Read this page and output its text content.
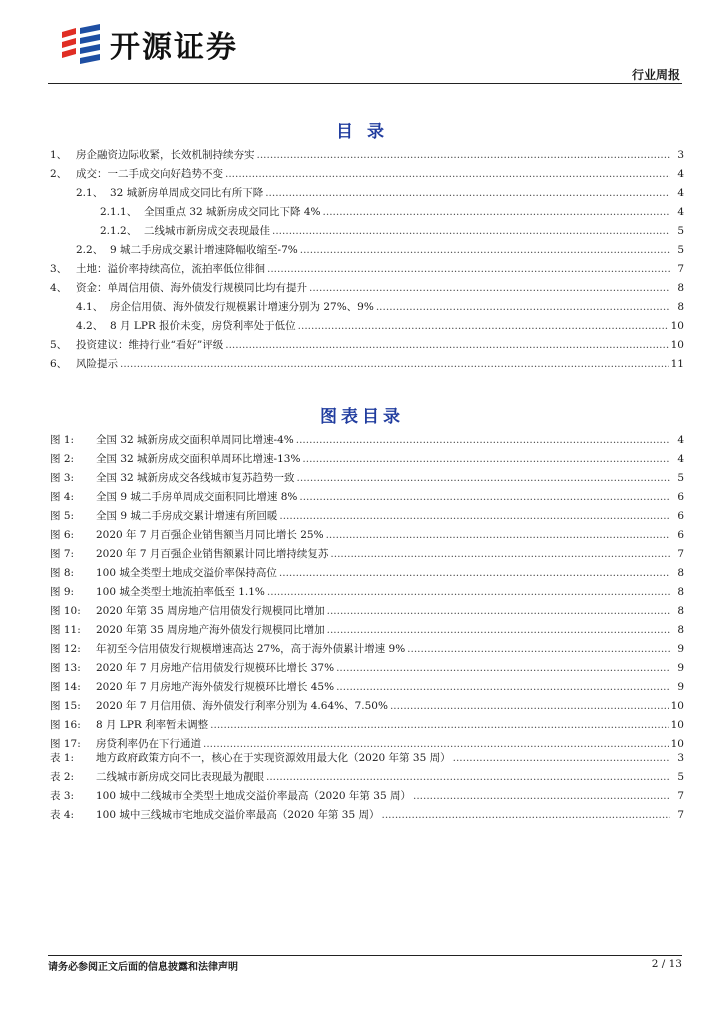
开源证券
行业周报
目 录
1、 房企融资边际收紧，长效机制持续夯实 .....	3
2、 成交：一二手成交向好趋势不变 .....	4
2.1、 32 城新房单周成交同比有所下降 .....	4
2.1.1、 全国重点 32 城新房成交同比下降 4% .....	4
2.1.2、 二线城市新房成交表现最佳 .....	5
2.2、 9 城二手房成交累计增速降幅收缩至-7% .....	5
3、 土地：溢价率持续高位，流拍率低位徘徊 .....	7
4、 资金：单周信用债、海外债发行规模同比均有提升 .....	8
4.1、 房企信用债、海外债发行规模累计增速分别为 27%、9% .....	8
4.2、 8 月 LPR 报价未变，房贷利率处于低位 .....	10
5、 投资建议：维持行业“看好”评级 .....	10
6、 风险提示 .....	11
图表目录
图 1:	全国 32 城新房成交面积单周同比增速-4% .....	4
图 2:	全国 32 城新房成交面积单周环比增速-13% .....	4
图 3:	全国 32 城新房成交各线城市复苏趋势一致 .....	5
图 4:	全国 9 城二手房单周成交面积同比增速 8% .....	6
图 5:	全国 9 城二手房成交累计增速有所回暖 .....	6
图 6:	2020 年 7 月百强企业销售额当月同比增长 25% .....	6
图 7:	2020 年 7 月百强企业销售额累计同比增持续复苏 .....	7
图 8:	100 城全类型土地成交溢价率保持高位 .....	8
图 9:	100 城全类型土地流拍率低至 1.1% .....	8
图 10:	2020 年第 35 周房地产信用债发行规模同比增加 .....	8
图 11:	2020 年第 35 周房地产海外债发行规模同比增加 .....	8
图 12:	年初至今信用债发行规模增速高达 27%，高于海外债累计增速 9% .....	9
图 13:	2020 年 7 月房地产信用债发行规模环比增长 37% .....	9
图 14:	2020 年 7 月房地产海外债发行规模环比增长 45% .....	9
图 15:	2020 年 7 月信用债、海外债发行利率分别为 4.64%、7.50% .....	10
图 16:	8 月 LPR 利率暂未调整 .....	10
图 17:	房贷利率仍在下行通道 .....	10
表 1:	地方政府政策方向不一，核心在于实现资源效用最大化（2020 年第 35 周） .....	3
表 2:	二线城市新房成交同比表现最为靓眼 .....	5
表 3:	100 城中二线城市全类型土地成交溢价率最高（2020 年第 35 周） .....	7
表 4:	100 城中三线城市宅地成交溢价率最高（2020 年第 35 周） .....	7
请务必参阅正文后面的信息披露和法律声明	2 / 13
